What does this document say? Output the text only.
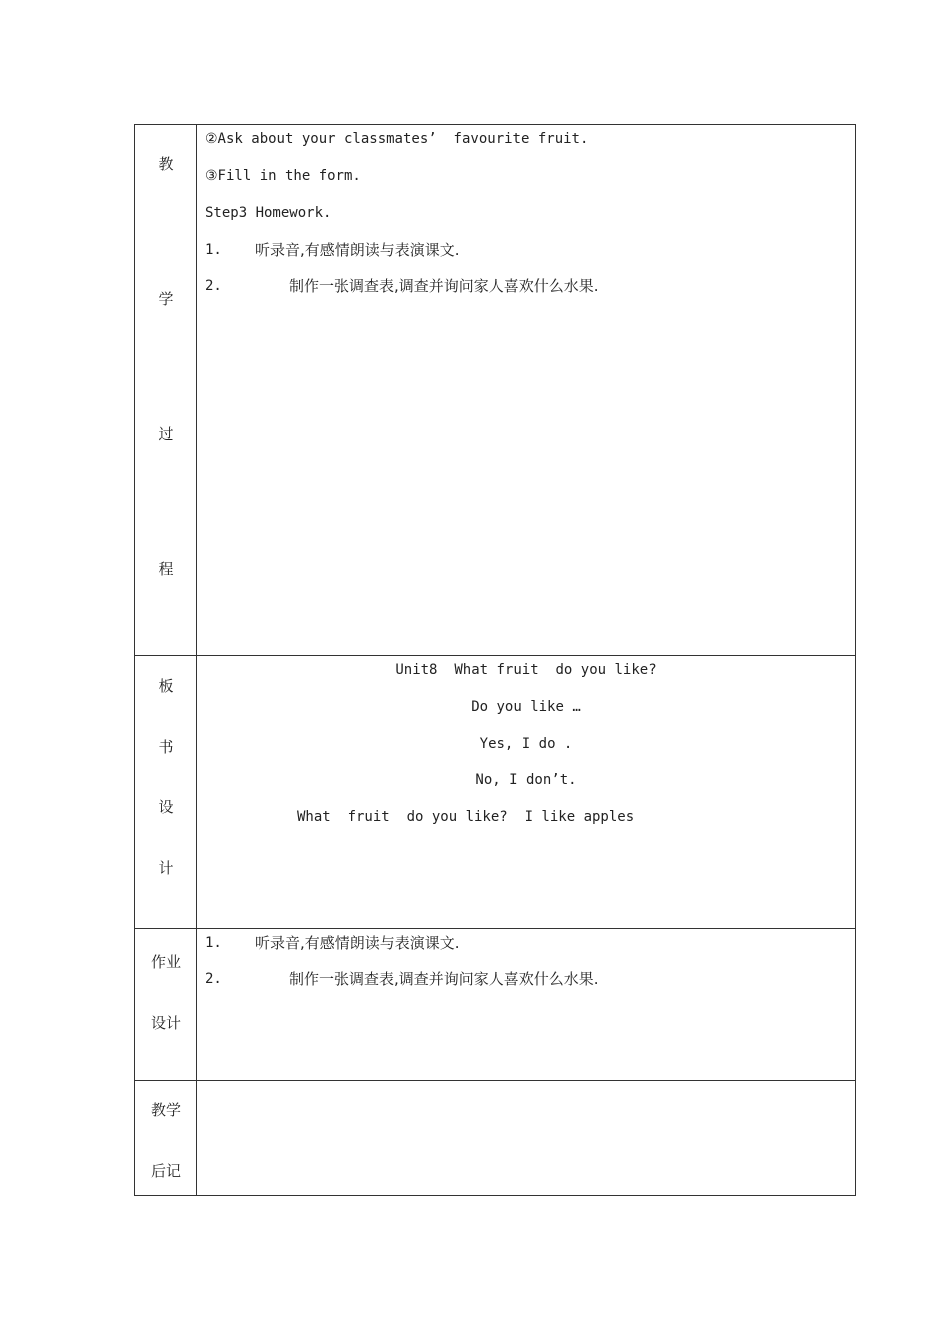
教
学
过
程
②Ask about your classmates’  favourite fruit.
③Fill in the form.
Step3 Homework.
1. 听录音,有感情朗读与表演课文.
2.	制作一张调查表,调查并询问家人喜欢什么水果.
板
书
设
计
Unit8  What fruit  do you like?
Do you like …
Yes, I do .
No, I don’t.
What  fruit  do you like?  I like apples
作业
设计
1. 听录音,有感情朗读与表演课文.
2.	制作一张调查表,调查并询问家人喜欢什么水果.
教学
后记
